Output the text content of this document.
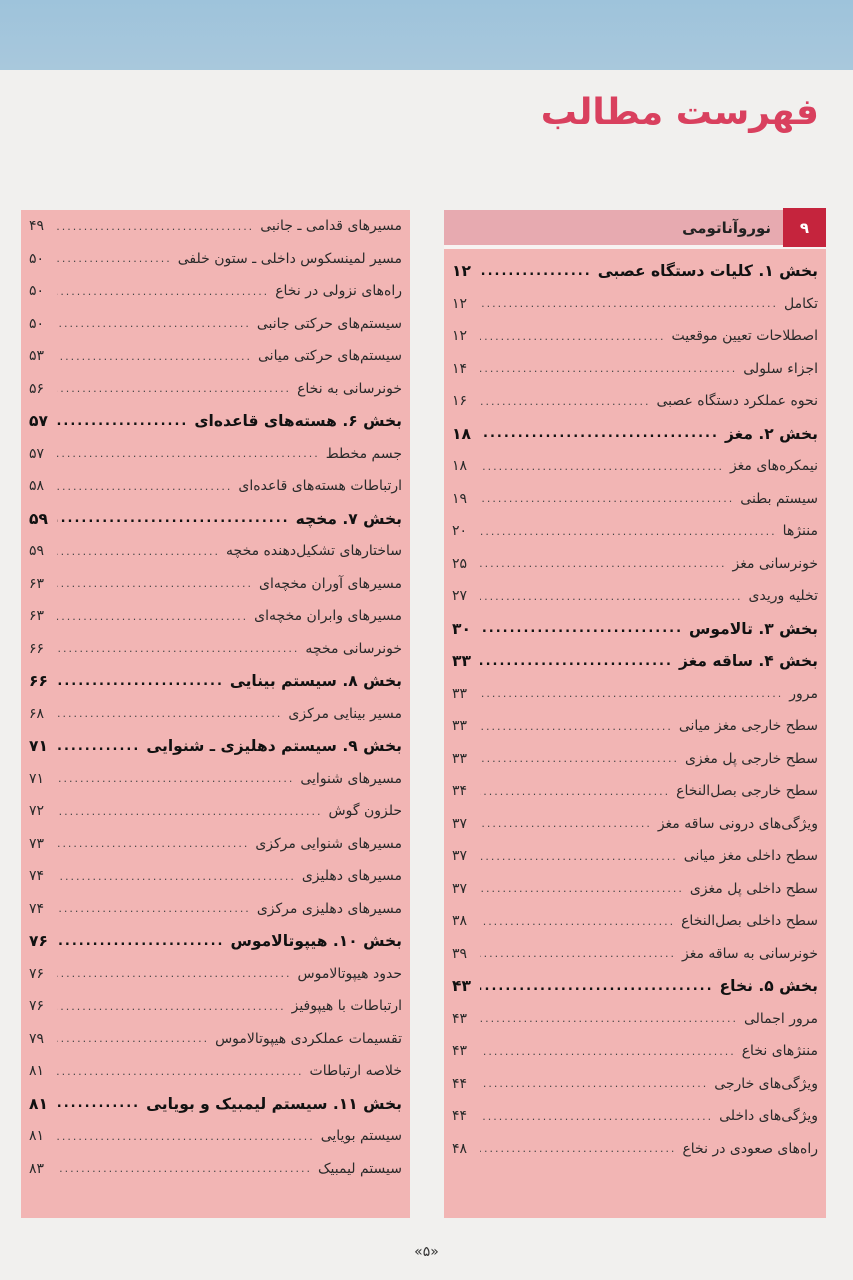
فهرست مطالب
۹
نوروآناتومی
بخش ۱. کلیات دستگاه عصبی
.....
۱۲
تکامل
.....
۱۲
اصطلاحات تعیین موقعیت
.....
۱۲
اجزاء سلولی
.....
۱۴
نحوه عملکرد دستگاه عصبی
.....
۱۶
بخش ۲. مغز
.....
۱۸
نیمکره‌های مغز
.....
۱۸
سیستم بطنی
.....
۱۹
مننژها
.....
۲۰
خونرسانی مغز
.....
۲۵
تخلیه وریدی
.....
۲۷
بخش ۳. تالاموس
.....
۳۰
بخش ۴. ساقه مغز
.....
۳۳
مرور
.....
۳۳
سطح خارجی مغز میانی
.....
۳۳
سطح خارجی پل مغزی
.....
۳۳
سطح خارجی بصل‌النخاع
.....
۳۴
ویژگی‌های درونی ساقه مغز
.....
۳۷
سطح داخلی مغز میانی
.....
۳۷
سطح داخلی پل مغزی
.....
۳۷
سطح داخلی بصل‌النخاع
.....
۳۸
خونرسانی به ساقه مغز
.....
۳۹
بخش ۵. نخاع
.....
۴۳
مرور اجمالی
.....
۴۳
مننژهای نخاع
.....
۴۳
ویژگی‌های خارجی
.....
۴۴
ویژگی‌های داخلی
.....
۴۴
راه‌های صعودی در نخاع
.....
۴۸
مسیرهای قدامی ـ جانبی
.....
۴۹
مسیر لمینسکوس داخلی ـ ستون خلفی
.....
۵۰
راه‌های نزولی در نخاع
.....
۵۰
سیستم‌های حرکتی جانبی
.....
۵۰
سیستم‌های حرکتی میانی
.....
۵۳
خونرسانی به نخاع
.....
۵۶
بخش ۶. هسته‌های قاعده‌ای
.....
۵۷
جسم مخطط
.....
۵۷
ارتباطات هسته‌های قاعده‌ای
.....
۵۸
بخش ۷. مخچه
.....
۵۹
ساختارهای تشکیل‌دهنده مخچه
.....
۵۹
مسیرهای آوران مخچه‌ای
.....
۶۳
مسیرهای وابران مخچه‌ای
.....
۶۳
خونرسانی مخچه
.....
۶۶
بخش ۸. سیستم بینایی
.....
۶۶
مسیر بینایی مرکزی
.....
۶۸
بخش ۹. سیستم دهلیزی ـ شنوایی
.....
۷۱
مسیرهای شنوایی
.....
۷۱
حلزون گوش
.....
۷۲
مسیرهای شنوایی مرکزی
.....
۷۳
مسیرهای دهلیزی
.....
۷۴
مسیرهای دهلیزی مرکزی
.....
۷۴
بخش ۱۰. هیپوتالاموس
.....
۷۶
حدود هیپوتالاموس
.....
۷۶
ارتباطات با هیپوفیز
.....
۷۶
تقسیمات عملکردی هیپوتالاموس
.....
۷۹
خلاصه ارتباطات
.....
۸۱
بخش ۱۱. سیستم لیمبیک و بویایی
.....
۸۱
سیستم بویایی
.....
۸۱
سیستم لیمبیک
.....
۸۳
«۵»
